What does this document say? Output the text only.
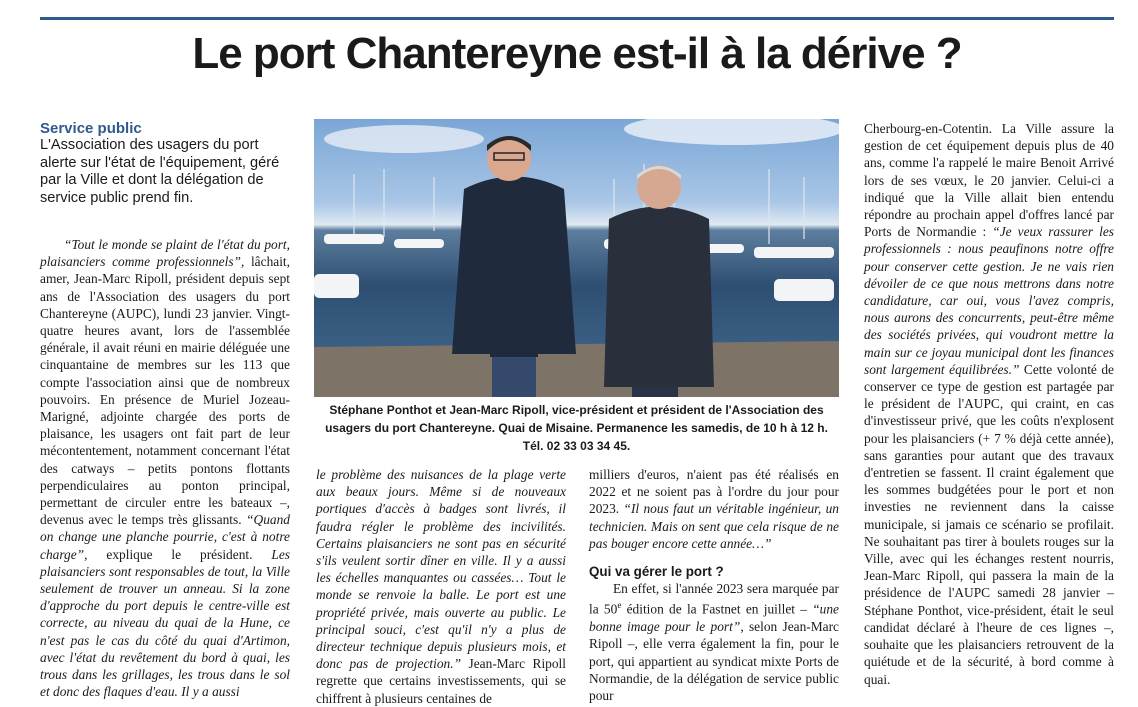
Le port Chantereyne est-il à la dérive ?
Service public
L'Association des usagers du port alerte sur l'état de l'équipement, géré par la Ville et dont la délégation de service public prend fin.

“Tout le monde se plaint de l'état du port, plaisanciers comme professionnels”, lâchait, amer, Jean-Marc Ripoll, président depuis sept ans de l'Association des usagers du port Chantereyne (AUPC), lundi 23 janvier. Vingt-quatre heures avant, lors de l'assemblée générale, il avait réuni en mairie déléguée une cinquantaine de membres sur les 113 que compte l'association ainsi que de nombreux pouvoirs. En présence de Muriel Jozeau-Marigné, adjointe chargée des ports de plaisance, les usagers ont fait part de leur mécontentement, notamment concernant l'état des catways – petits pontons flottants perpendiculaires au ponton principal, permettant de circuler entre les bateaux –, devenus avec le temps très glissants. “Quand on change une planche pourrie, c'est à notre charge”, explique le président. Les plaisanciers sont responsables de tout, la Ville seulement de trouver un anneau. Si la zone d'approche du port depuis le centre-ville est correcte, au niveau du quai de la Hune, ce n'est pas le cas du côté du quai d'Artimon, avec l'état du revêtement du bord à quai, les trous dans les grillages, les trous dans le sol et donc des flaques d'eau. Il y a aussi

Stéphane Ponthot et Jean-Marc Ripoll, vice-président et président de l'Association des usagers du port Chantereyne. Quai de Misaine. Permanence les samedis, de 10 h à 12 h. Tél. 02 33 03 34 45.

le problème des nuisances de la plage verte aux beaux jours. Même si de nouveaux portiques d'accès à badges sont livrés, il faudra régler le problème des incivilités. Certains plaisanciers ne sont pas en sécurité s'ils veulent sortir dîner en ville. Il y a aussi les échelles manquantes ou cassées… Tout le monde se renvoie la balle. Le port est une propriété privée, mais ouverte au public. Le principal souci, c'est qu'il n'y a plus de directeur technique depuis plusieurs mois, et donc pas de projection.” Jean-Marc Ripoll regrette que certains investissements, qui se chiffrent à plusieurs centaines de

milliers d'euros, n'aient pas été réalisés en 2022 et ne soient pas à l'ordre du jour pour 2023. “Il nous faut un véritable ingénieur, un technicien. Mais on sent que cela risque de ne pas bouger encore cette année…”

Qui va gérer le port ?

En effet, si l'année 2023 sera marquée par la 50e édition de la Fastnet en juillet – “une bonne image pour le port”, selon Jean-Marc Ripoll –, elle verra également la fin, pour le port, qui appartient au syndicat mixte Ports de Normandie, de la délégation de service public pour

Cherbourg-en-Cotentin. La Ville assure la gestion de cet équipement depuis plus de 40 ans, comme l'a rappelé le maire Benoit Arrivé lors de ses vœux, le 20 janvier. Celui-ci a indiqué que la Ville allait bien entendu répondre au prochain appel d'offres lancé par Ports de Normandie : “Je veux rassurer les professionnels : nous peaufinons notre offre pour conserver cette gestion. Je ne vais rien dévoiler de ce que nous mettrons dans notre candidature, car oui, vous l'avez compris, nous aurons des concurrents, peut-être même des sociétés privées, qui voudront mettre la main sur ce joyau municipal dont les finances sont largement équilibrées.” Cette volonté de conserver ce type de gestion est partagée par le président de l'AUPC, qui craint, en cas d'investisseur privé, que les coûts n'explosent pour les plaisanciers (+ 7 % déjà cette année), sans garanties pour autant que des travaux d'entretien se fassent. Il craint également que les sommes budgétées pour le port et non investies ne reviennent dans la caisse municipale, si jamais ce scénario se profilait. Ne souhaitant pas tirer à boulets rouges sur la Ville, avec qui les échanges restent nourris, Jean-Marc Ripoll, qui passera la main de la présidence de l'AUPC samedi 28 janvier – Stéphane Ponthot, vice-président, était le seul candidat déclaré à l'heure de ces lignes –, souhaite que les plaisanciers retrouvent de la quiétude et de la sécurité, à bord comme à quai.
